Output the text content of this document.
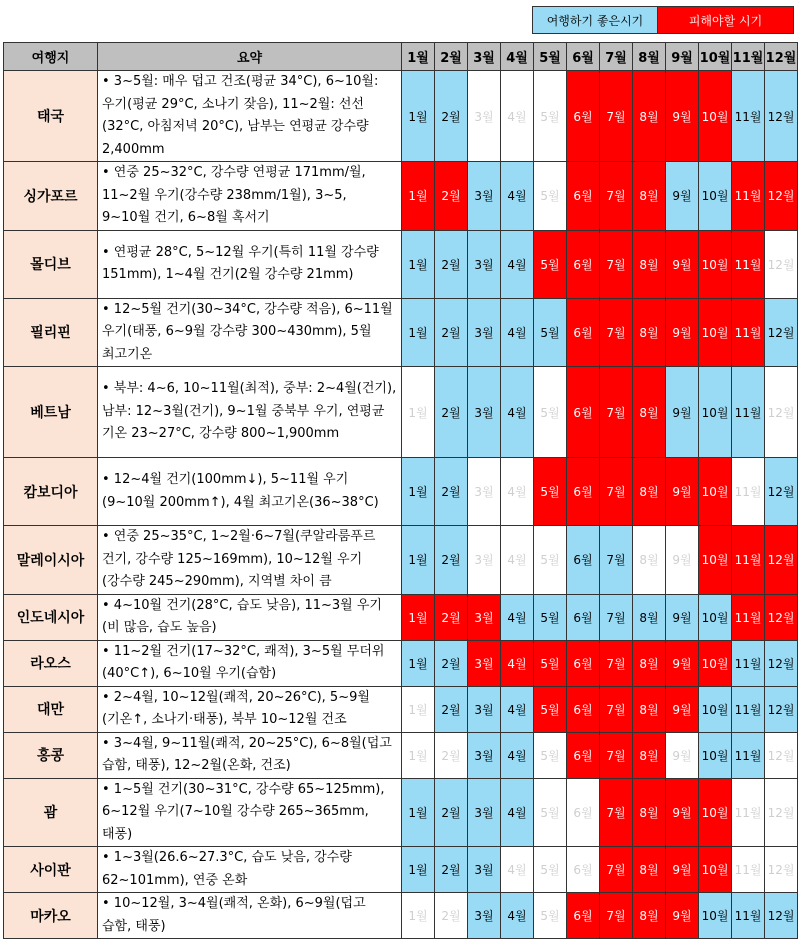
여행하기 좋은시기	피해야할 시기
여행지	요약	1월	2월	3월	4월	5월	6월	7월	8월	9월	10월	11월	12월
태국	• 3~5월: 매우 덥고 건조(평균 34°C), 6~10월: 우기(평균 29°C, 소나기 잦음), 11~2월: 선선(32°C, 아침저녁 20°C), 남부는 연평균 강수량 2,400mm	1월	2월	3월	4월	5월	6월	7월	8월	9월	10월	11월	12월
싱가포르	• 연중 25~32°C, 강수량 연평균 171mm/월, 11~2월 우기(강수량 238mm/1월), 3~5, 9~10월 건기, 6~8월 혹서기	1월	2월	3월	4월	5월	6월	7월	8월	9월	10월	11월	12월
몰디브	• 연평균 28°C, 5~12월 우기(특히 11월 강수량 151mm), 1~4월 건기(2월 강수량 21mm)	1월	2월	3월	4월	5월	6월	7월	8월	9월	10월	11월	12월
필리핀	• 12~5월 건기(30~34°C, 강수량 적음), 6~11월 우기(태풍, 6~9월 강수량 300~430mm), 5월 최고기온	1월	2월	3월	4월	5월	6월	7월	8월	9월	10월	11월	12월
베트남	• 북부: 4~6, 10~11월(최적), 중부: 2~4월(건기), 남부: 12~3월(건기), 9~1월 중북부 우기, 연평균 기온 23~27°C, 강수량 800~1,900mm	1월	2월	3월	4월	5월	6월	7월	8월	9월	10월	11월	12월
캄보디아	• 12~4월 건기(100mm↓), 5~11월 우기(9~10월 200mm↑), 4월 최고기온(36~38°C)	1월	2월	3월	4월	5월	6월	7월	8월	9월	10월	11월	12월
말레이시아	• 연중 25~35°C, 1~2월·6~7월(쿠알라룸푸르 건기, 강수량 125~169mm), 10~12월 우기(강수량 245~290mm), 지역별 차이 큼	1월	2월	3월	4월	5월	6월	7월	8월	9월	10월	11월	12월
인도네시아	• 4~10월 건기(28°C, 습도 낮음), 11~3월 우기(비 많음, 습도 높음)	1월	2월	3월	4월	5월	6월	7월	8월	9월	10월	11월	12월
라오스	• 11~2월 건기(17~32°C, 쾌적), 3~5월 무더위(40°C↑), 6~10월 우기(습함)	1월	2월	3월	4월	5월	6월	7월	8월	9월	10월	11월	12월
대만	• 2~4월, 10~12월(쾌적, 20~26°C), 5~9월(기온↑, 소나기·태풍), 북부 10~12월 건조	1월	2월	3월	4월	5월	6월	7월	8월	9월	10월	11월	12월
홍콩	• 3~4월, 9~11월(쾌적, 20~25°C), 6~8월(덥고 습함, 태풍), 12~2월(온화, 건조)	1월	2월	3월	4월	5월	6월	7월	8월	9월	10월	11월	12월
괌	• 1~5월 건기(30~31°C, 강수량 65~125mm), 6~12월 우기(7~10월 강수량 265~365mm, 태풍)	1월	2월	3월	4월	5월	6월	7월	8월	9월	10월	11월	12월
사이판	• 1~3월(26.6~27.3°C, 습도 낮음, 강수량 62~101mm), 연중 온화	1월	2월	3월	4월	5월	6월	7월	8월	9월	10월	11월	12월
마카오	• 10~12월, 3~4월(쾌적, 온화), 6~9월(덥고 습함, 태풍)	1월	2월	3월	4월	5월	6월	7월	8월	9월	10월	11월	12월
